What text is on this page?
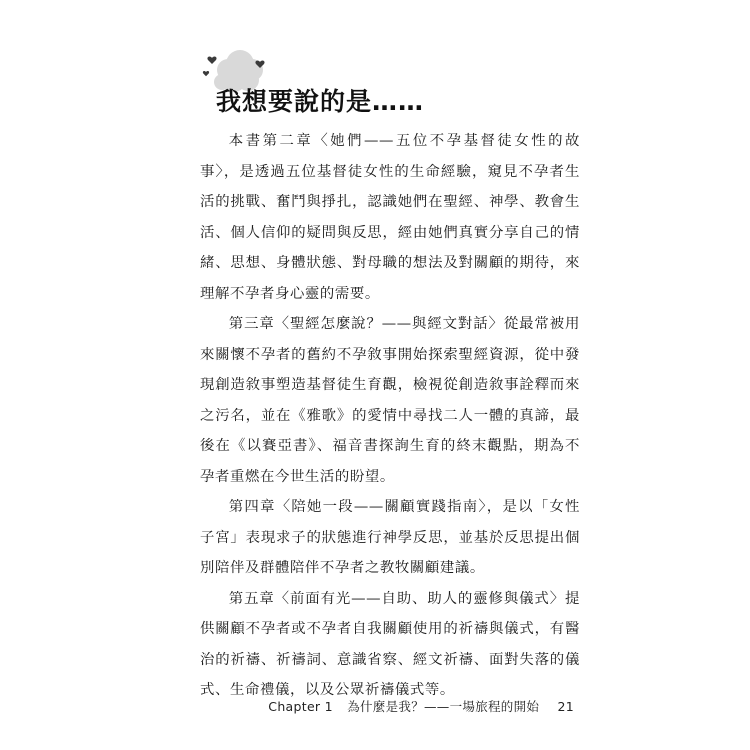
我想要說的是……

本書第二章〈她們——五位不孕基督徒女性的故事〉，是透過五位基督徒女性的生命經驗，窺見不孕者生活的挑戰、奮鬥與掙扎，認識她們在聖經、神學、教會生活、個人信仰的疑問與反思，經由她們真實分享自己的情緒、思想、身體狀態、對母職的想法及對關顧的期待，來理解不孕者身心靈的需要。

第三章〈聖經怎麼說？——與經文對話〉從最常被用來關懷不孕者的舊約不孕敘事開始探索聖經資源，從中發現創造敘事塑造基督徒生育觀，檢視從創造敘事詮釋而來之污名，並在《雅歌》的愛情中尋找二人一體的真諦，最後在《以賽亞書》、福音書探詢生育的終末觀點，期為不孕者重燃在今世生活的盼望。

第四章〈陪她一段——關顧實踐指南〉，是以「女性子宮」表現求子的狀態進行神學反思，並基於反思提出個別陪伴及群體陪伴不孕者之教牧關顧建議。

第五章〈前面有光——自助、助人的靈修與儀式〉提供關顧不孕者或不孕者自我關顧使用的祈禱與儀式，有醫治的祈禱、祈禱詞、意識省察、經文祈禱、面對失落的儀式、生命禮儀，以及公眾祈禱儀式等。

Chapter 1 為什麼是我？——一場旅程的開始 21
